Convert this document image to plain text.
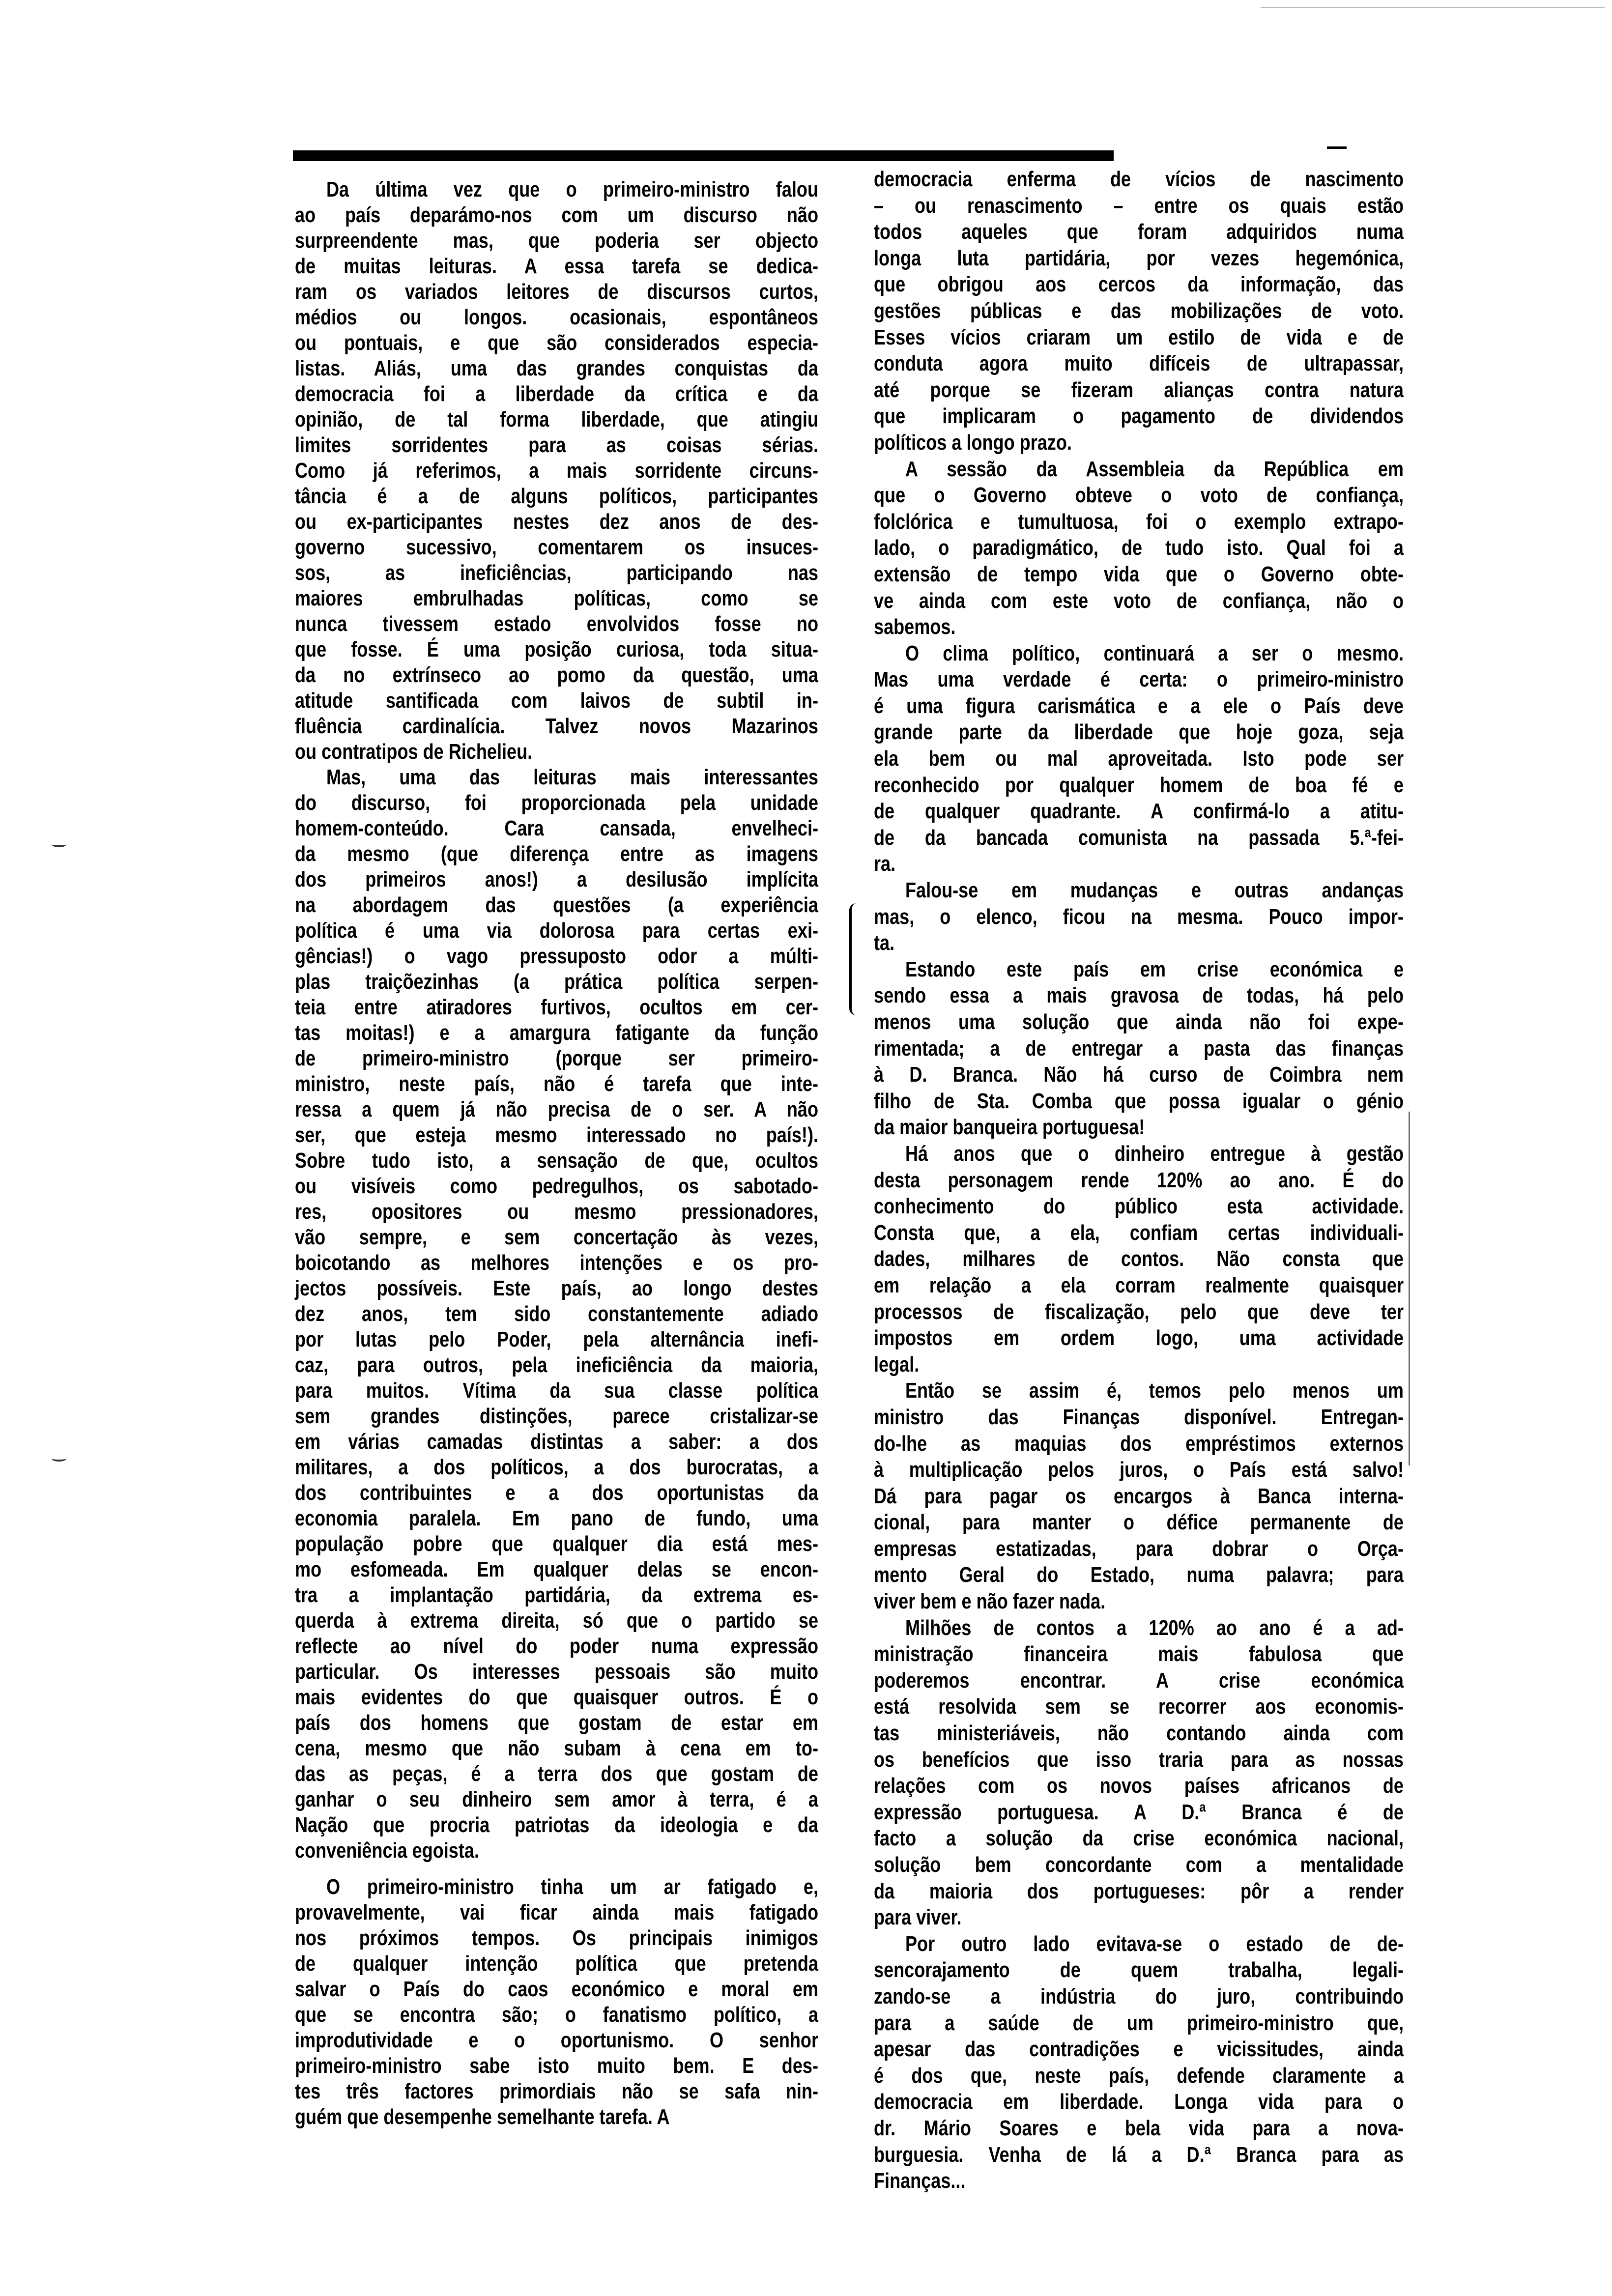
Da última vez que o primeiro-ministro falou
ao país deparámo-nos com um discurso não
surpreendente mas, que poderia ser objecto
de muitas leituras. A essa tarefa se dedica-
ram os variados leitores de discursos curtos,
médios ou longos. ocasionais, espontâneos
ou pontuais, e que são considerados especia-
listas. Aliás, uma das grandes conquistas da
democracia foi a liberdade da crítica e da
opinião, de tal forma liberdade, que atingiu
limites sorridentes para as coisas sérias.
Como já referimos, a mais sorridente circuns-
tância é a de alguns políticos, participantes
ou ex-participantes nestes dez anos de des-
governo sucessivo, comentarem os insuces-
sos, as ineficiências, participando nas
maiores embrulhadas políticas, como se
nunca tivessem estado envolvidos fosse no
que fosse. É uma posição curiosa, toda situa-
da no extrínseco ao pomo da questão, uma
atitude santificada com laivos de subtil in-
fluência cardinalícia. Talvez novos Mazarinos
ou contratipos de Richelieu.
Mas, uma das leituras mais interessantes
do discurso, foi proporcionada pela unidade
homem-conteúdo. Cara cansada, envelheci-
da mesmo (que diferença entre as imagens
dos primeiros anos!) a desilusão implícita
na abordagem das questões (a experiência
política é uma via dolorosa para certas exi-
gências!) o vago pressuposto odor a múlti-
plas traiçõezinhas (a prática política serpen-
teia entre atiradores furtivos, ocultos em cer-
tas moitas!) e a amargura fatigante da função
de primeiro-ministro (porque ser primeiro-
ministro, neste país, não é tarefa que inte-
ressa a quem já não precisa de o ser. A não
ser, que esteja mesmo interessado no país!).
Sobre tudo isto, a sensação de que, ocultos
ou visíveis como pedregulhos, os sabotado-
res, opositores ou mesmo pressionadores,
vão sempre, e sem concertação às vezes,
boicotando as melhores intenções e os pro-
jectos possíveis. Este país, ao longo destes
dez anos, tem sido constantemente adiado
por lutas pelo Poder, pela alternância inefi-
caz, para outros, pela ineficiência da maioria,
para muitos. Vítima da sua classe política
sem grandes distinções, parece cristalizar-se
em várias camadas distintas a saber: a dos
militares, a dos políticos, a dos burocratas, a
dos contribuintes e a dos oportunistas da
economia paralela. Em pano de fundo, uma
população pobre que qualquer dia está mes-
mo esfomeada. Em qualquer delas se encon-
tra a implantação partidária, da extrema es-
querda à extrema direita, só que o partido se
reflecte ao nível do poder numa expressão
particular. Os interesses pessoais são muito
mais evidentes do que quaisquer outros. É o
país dos homens que gostam de estar em
cena, mesmo que não subam à cena em to-
das as peças, é a terra dos que gostam de
ganhar o seu dinheiro sem amor à terra, é a
Nação que procria patriotas da ideologia e da
conveniência egoista.
O primeiro-ministro tinha um ar fatigado e,
provavelmente, vai ficar ainda mais fatigado
nos próximos tempos. Os principais inimigos
de qualquer intenção política que pretenda
salvar o País do caos económico e moral em
que se encontra são; o fanatismo político, a
improdutividade e o oportunismo. O senhor
primeiro-ministro sabe isto muito bem. E des-
tes três factores primordiais não se safa nin-
guém que desempenhe semelhante tarefa. A
democracia enferma de vícios de nascimento
– ou renascimento – entre os quais estão
todos aqueles que foram adquiridos numa
longa luta partidária, por vezes hegemónica,
que obrigou aos cercos da informação, das
gestões públicas e das mobilizações de voto.
Esses vícios criaram um estilo de vida e de
conduta agora muito difíceis de ultrapassar,
até porque se fizeram alianças contra natura
que implicaram o pagamento de dividendos
políticos a longo prazo.
A sessão da Assembleia da República em
que o Governo obteve o voto de confiança,
folclórica e tumultuosa, foi o exemplo extrapo-
lado, o paradigmático, de tudo isto. Qual foi a
extensão de tempo vida que o Governo obte-
ve ainda com este voto de confiança, não o
sabemos.
O clima político, continuará a ser o mesmo.
Mas uma verdade é certa: o primeiro-ministro
é uma figura carismática e a ele o País deve
grande parte da liberdade que hoje goza, seja
ela bem ou mal aproveitada. Isto pode ser
reconhecido por qualquer homem de boa fé e
de qualquer quadrante. A confirmá-lo a atitu-
de da bancada comunista na passada 5.ª-fei-
ra.
Falou-se em mudanças e outras andanças
mas, o elenco, ficou na mesma. Pouco impor-
ta.
Estando este país em crise económica e
sendo essa a mais gravosa de todas, há pelo
menos uma solução que ainda não foi expe-
rimentada; a de entregar a pasta das finanças
à D. Branca. Não há curso de Coimbra nem
filho de Sta. Comba que possa igualar o génio
da maior banqueira portuguesa!
Há anos que o dinheiro entregue à gestão
desta personagem rende 120% ao ano. É do
conhecimento do público esta actividade.
Consta que, a ela, confiam certas individuali-
dades, milhares de contos. Não consta que
em relação a ela corram realmente quaisquer
processos de fiscalização, pelo que deve ter
impostos em ordem logo, uma actividade
legal.
Então se assim é, temos pelo menos um
ministro das Finanças disponível. Entregan-
do-lhe as maquias dos empréstimos externos
à multiplicação pelos juros, o País está salvo!
Dá para pagar os encargos à Banca interna-
cional, para manter o défice permanente de
empresas estatizadas, para dobrar o Orça-
mento Geral do Estado, numa palavra; para
viver bem e não fazer nada.
Milhões de contos a 120% ao ano é a ad-
ministração financeira mais fabulosa que
poderemos encontrar. A crise económica
está resolvida sem se recorrer aos economis-
tas ministeriáveis, não contando ainda com
os benefícios que isso traria para as nossas
relações com os novos países africanos de
expressão portuguesa. A D.ª Branca é de
facto a solução da crise económica nacional,
solução bem concordante com a mentalidade
da maioria dos portugueses: pôr a render
para viver.
Por outro lado evitava-se o estado de de-
sencorajamento de quem trabalha, legali-
zando-se a indústria do juro, contribuindo
para a saúde de um primeiro-ministro que,
apesar das contradições e vicissitudes, ainda
é dos que, neste país, defende claramente a
democracia em liberdade. Longa vida para o
dr. Mário Soares e bela vida para a nova-
burguesia. Venha de lá a D.ª Branca para as
Finanças...
